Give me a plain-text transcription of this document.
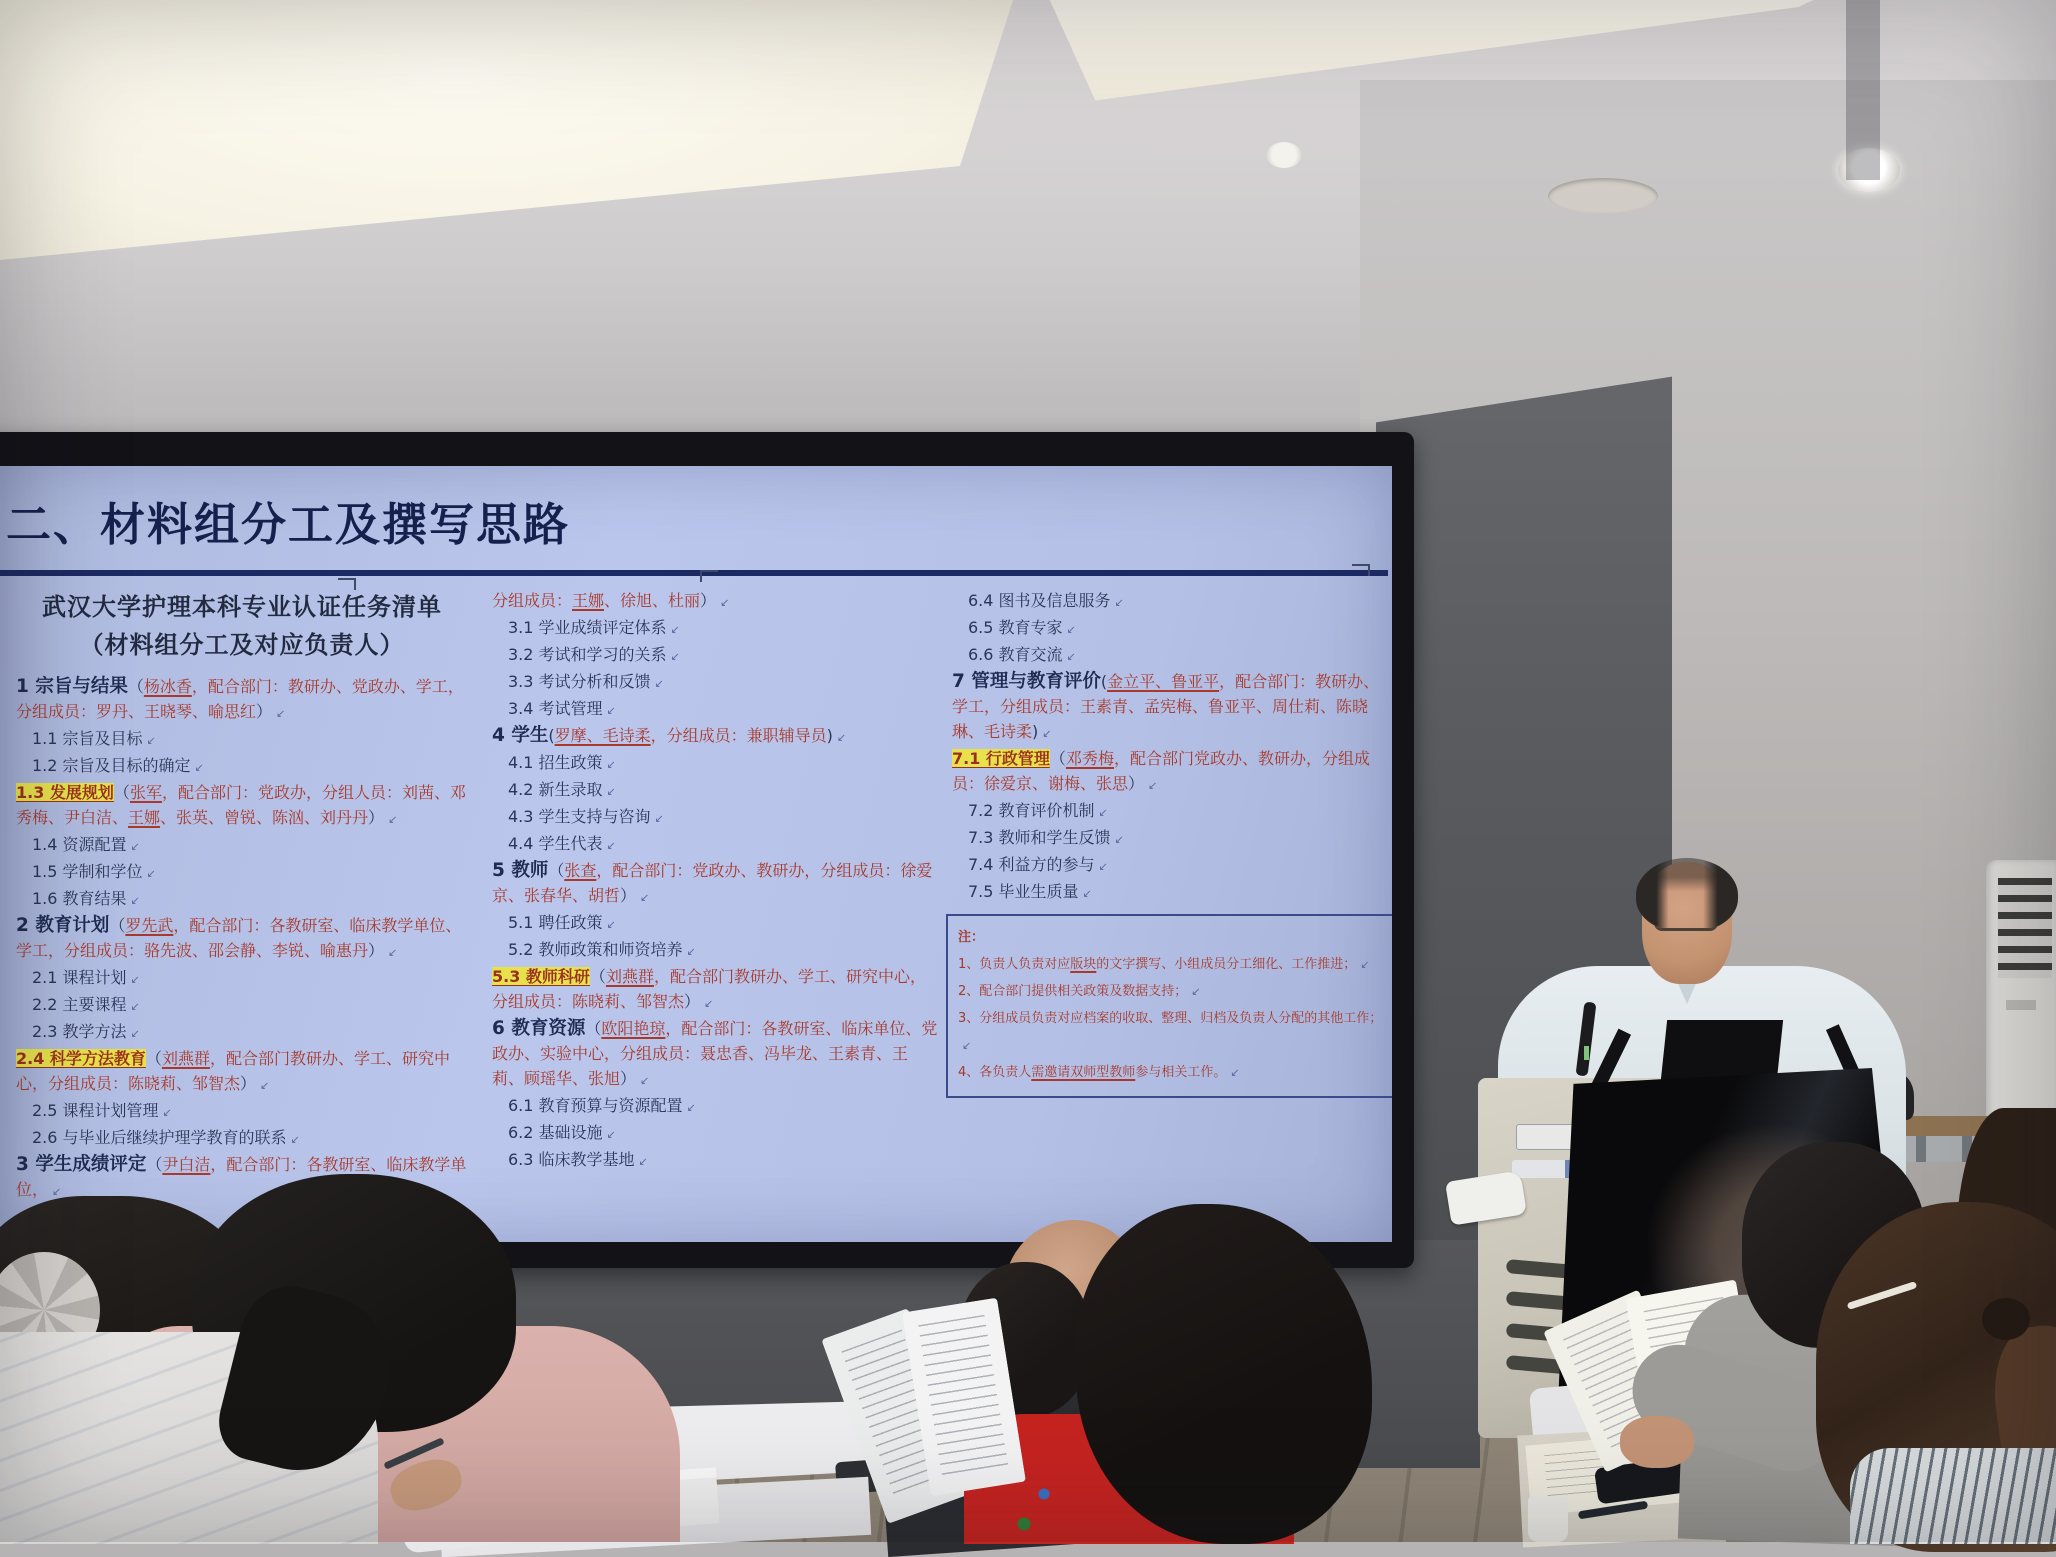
二、材料组分工及撰写思路
武汉大学护理本科专业认证任务清单
（材料组分工及对应负责人）
1 宗旨与结果（杨冰香，配合部门：教研办、党政办、学工，分组成员：罗丹、王晓琴、喻思红） ↙
1.1 宗旨及目标 ↙
1.2 宗旨及目标的确定 ↙
1.3 发展规划（张军，配合部门：党政办，分组人员：刘茜、邓秀梅、尹白洁、王娜、张英、曾锐、陈汹、刘丹丹） ↙
1.4 资源配置 ↙
1.5 学制和学位 ↙
1.6 教育结果 ↙
2 教育计划（罗先武，配合部门：各教研室、临床教学单位、学工，分组成员：骆先波、邵会静、李锐、喻惠丹） ↙
2.1 课程计划 ↙
2.2 主要课程 ↙
2.3 教学方法 ↙
2.4 科学方法教育（刘燕群，配合部门教研办、学工、研究中心，分组成员：陈晓莉、邹智杰） ↙
2.5 课程计划管理 ↙
2.6 与毕业后继续护理学教育的联系 ↙
3 学生成绩评定（尹白洁，配合部门：各教研室、临床教学单位， ↙
分组成员：王娜、徐旭、杜丽） ↙
3.1 学业成绩评定体系 ↙
3.2 考试和学习的关系 ↙
3.3 考试分析和反馈 ↙
3.4 考试管理 ↙
4 学生(罗摩、毛诗柔，分组成员：兼职辅导员) ↙
4.1 招生政策 ↙
4.2 新生录取 ↙
4.3 学生支持与咨询 ↙
4.4 学生代表 ↙
5 教师（张查，配合部门：党政办、教研办，分组成员：徐爱京、张春华、胡哲） ↙
5.1 聘任政策 ↙
5.2 教师政策和师资培养 ↙
5.3 教师科研（刘燕群，配合部门教研办、学工、研究中心，分组成员：陈晓莉、邹智杰） ↙
6 教育资源（欧阳艳琼，配合部门：各教研室、临床单位、党政办、实验中心，分组成员：聂忠香、冯毕龙、王素青、王莉、顾瑶华、张旭） ↙
6.1 教育预算与资源配置 ↙
6.2 基础设施 ↙
6.3 临床教学基地 ↙
6.4 图书及信息服务 ↙
6.5 教育专家 ↙
6.6 教育交流 ↙
7 管理与教育评价(金立平、鲁亚平，配合部门：教研办、学工，分组成员：王素青、孟宪梅、鲁亚平、周仕莉、陈晓琳、毛诗柔) ↙
7.1 行政管理（邓秀梅，配合部门党政办、教研办，分组成员：徐爱京、谢梅、张思） ↙
7.2 教育评价机制 ↙
7.3 教师和学生反馈 ↙
7.4 利益方的参与 ↙
7.5 毕业生质量 ↙
注：
1、负责人负责对应版块的文字撰写、小组成员分工细化、工作推进； ↙
2、配合部门提供相关政策及数据支持； ↙
3、分组成员负责对应档案的收取、整理、归档及负责人分配的其他工作；↙
4、各负责人需邀请双师型教师参与相关工作。 ↙
